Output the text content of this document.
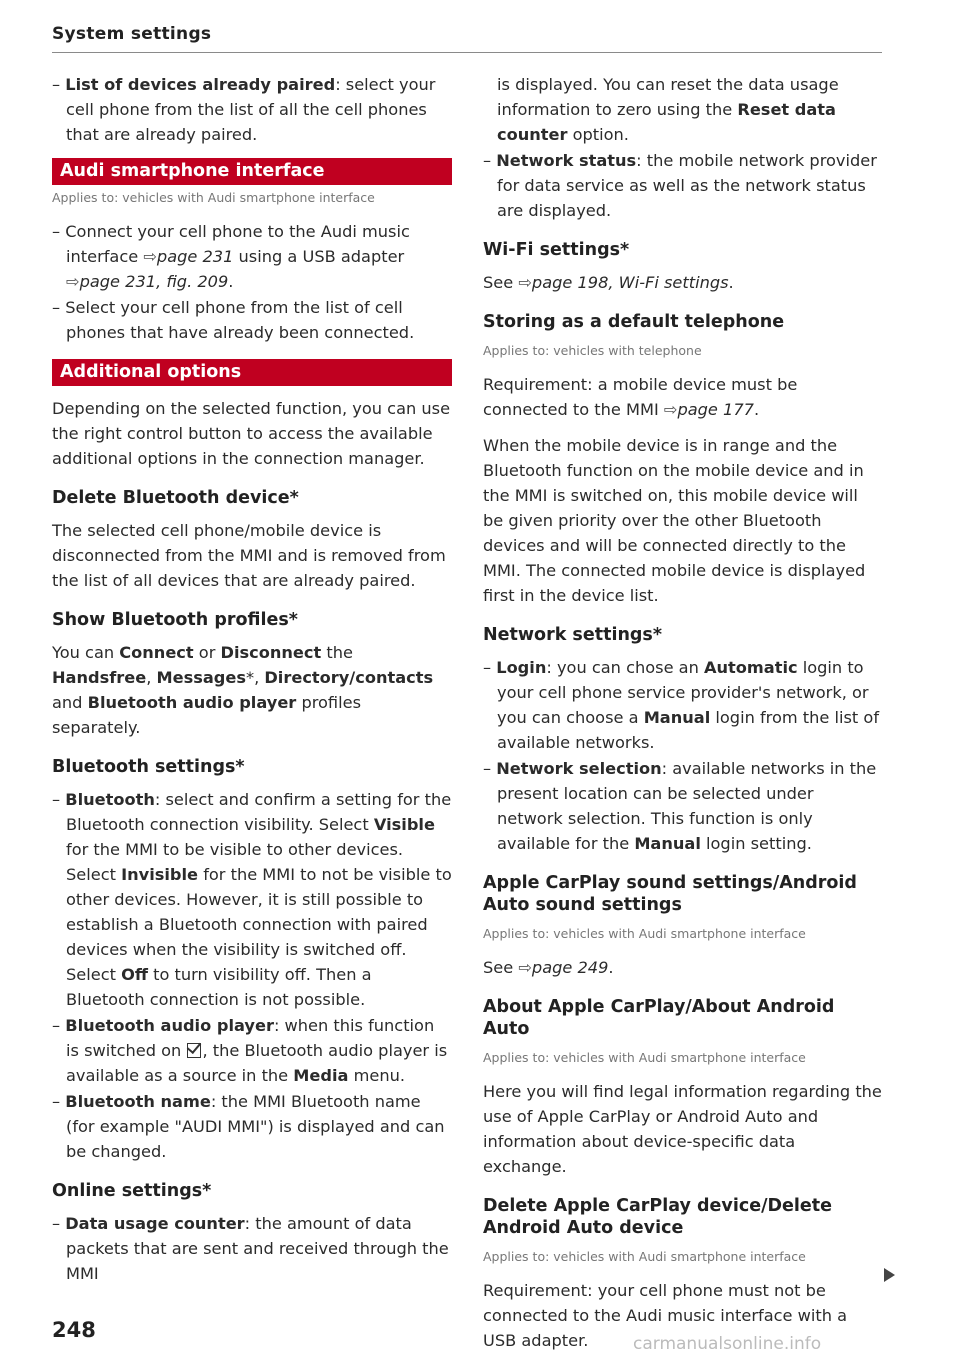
System settings
– List of devices already paired: select your cell phone from the list of all the cell phones that are already paired.
Audi smartphone interface
Applies to: vehicles with Audi smartphone interface
– Connect your cell phone to the Audi music interface ⇨page 231 using a USB adapter ⇨page 231, fig. 209.
– Select your cell phone from the list of cell phones that have already been connected.
Additional options

Depending on the selected function, you can use the right control button to access the available additional options in the connection manager.

Delete Bluetooth device*

The selected cell phone/mobile device is disconnected from the MMI and is removed from the list of all devices that are already paired.

Show Bluetooth profiles*

You can Connect or Disconnect the Handsfree, Messages*, Directory/contacts and Bluetooth audio player profiles separately.

Bluetooth settings*
– Bluetooth: select and confirm a setting for the Bluetooth connection visibility. Select Visible for the MMI to be visible to other devices. Select Invisible for the MMI to not be visible to other devices. However, it is still possible to establish a Bluetooth connection with paired devices when the visibility is switched off. Select Off to turn visibility off. Then a Bluetooth connection is not possible.
– Bluetooth audio player: when this function is switched on , the Bluetooth audio player is available as a source in the Media menu.
– Bluetooth name: the MMI Bluetooth name (for example "AUDI MMI") is displayed and can be changed.
Online settings*
– Data usage counter: the amount of data packets that are sent and received through the MMI

is displayed. You can reset the data usage information to zero using the Reset data counter option.

– Network status: the mobile network provider for data service as well as the network status are displayed.
Wi-Fi settings*

See ⇨page 198, Wi-Fi settings.

Storing as a default telephone
Applies to: vehicles with telephone

Requirement: a mobile device must be connected to the MMI ⇨page 177.

When the mobile device is in range and the Bluetooth function on the mobile device and in the MMI is switched on, this mobile device will be given priority over the other Bluetooth devices and will be connected directly to the MMI. The connected mobile device is displayed first in the device list.

Network settings*
– Login: you can chose an Automatic login to your cell phone service provider's network, or you can choose a Manual login from the list of available networks.
– Network selection: available networks in the present location can be selected under network selection. This function is only available for the Manual login setting.
Apple CarPlay sound settings/Android Auto sound settings
Applies to: vehicles with Audi smartphone interface

See ⇨page 249.

About Apple CarPlay/About Android Auto
Applies to: vehicles with Audi smartphone interface

Here you will find legal information regarding the use of Apple CarPlay or Android Auto and information about device-specific data exchange.

Delete Apple CarPlay device/Delete Android Auto device
Applies to: vehicles with Audi smartphone interface

Requirement: your cell phone must not be connected to the Audi music interface with a USB adapter.

248
carmanualsonline.info
